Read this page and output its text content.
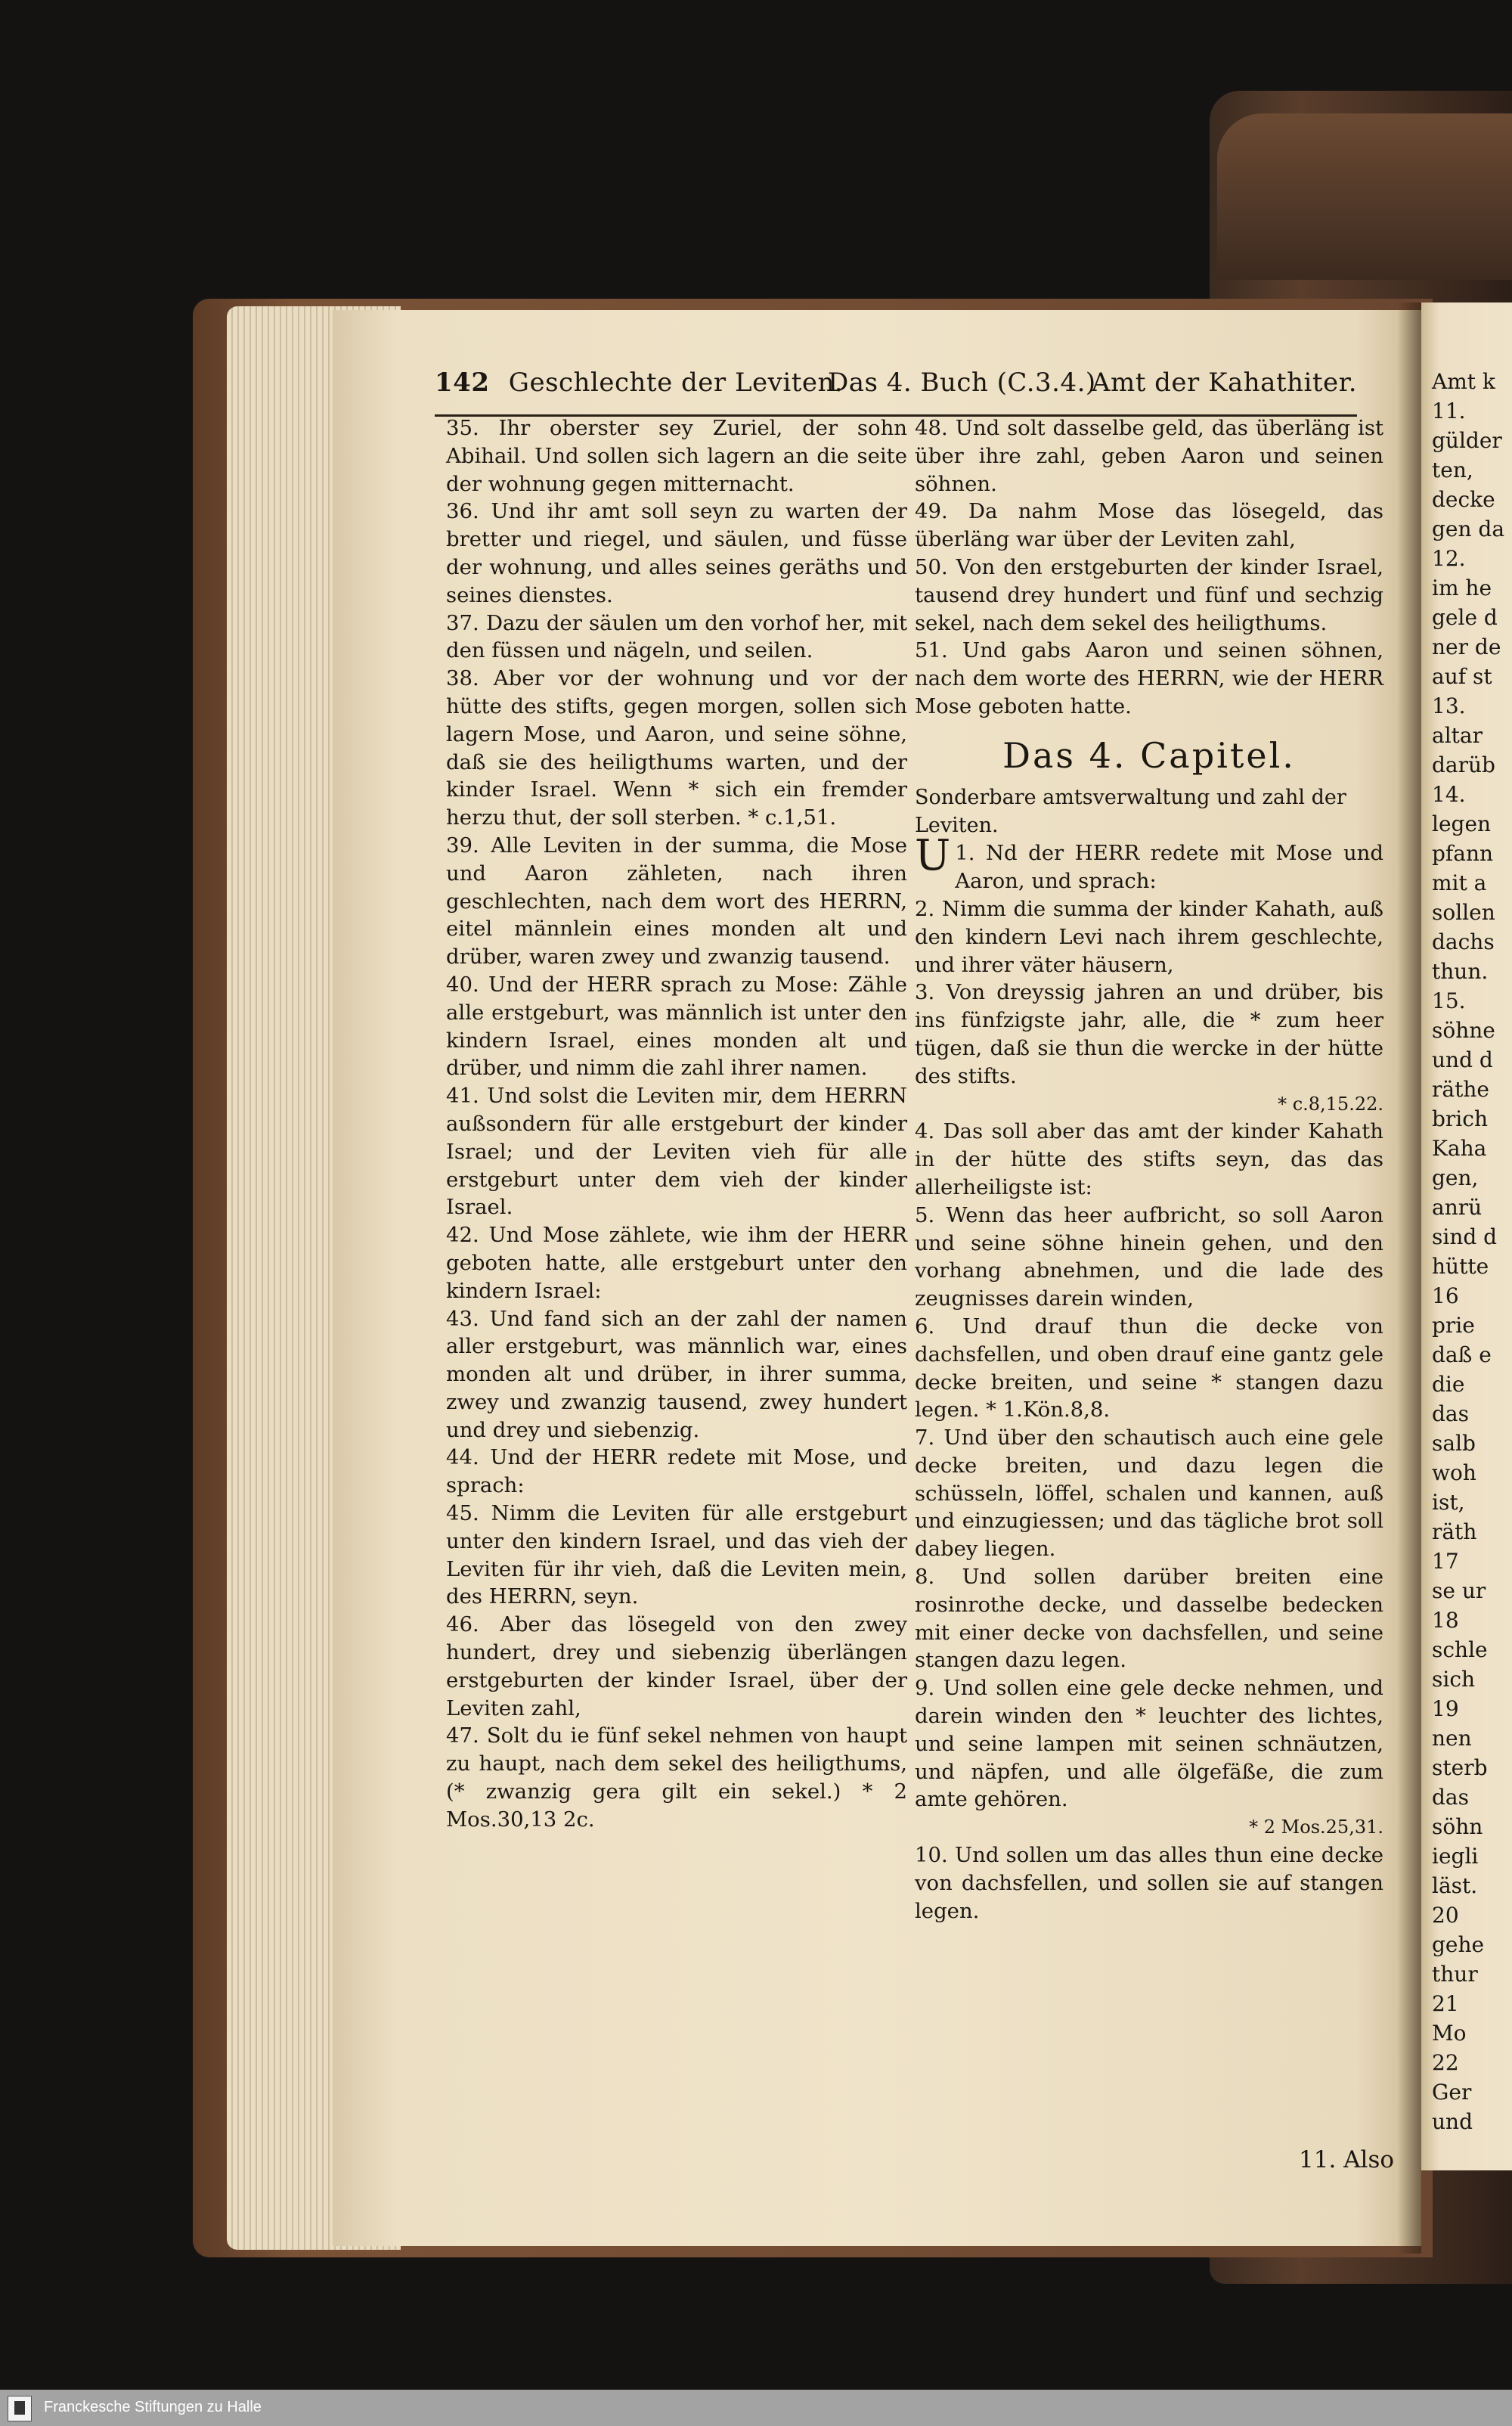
Amt k
11.
gülder
ten,
decke
gen da
12.
im he
gele d
ner de
auf st
13.
altar
darüb
14.
legen
pfann
mit a
sollen
dachs
thun.
15.
söhne
und d
räthe
brich
Kaha
gen,
anrü
sind d
hütte
16
prie
daß e
die
das
salb
woh
ist,
räth
17
se ur
18
schle
sich
19
nen
sterb
das
söhn
iegli
läst.
20
gehe
thur
21
Mo
22
Ger
und
142 Geschlechte der Leviten.
Das 4. Buch (C.3.4.)
Amt der Kahathiter.

35. Ihr oberster sey Zuriel, der sohn Abihail. Und sollen sich lagern an die seite der wohnung gegen mitternacht.

36. Und ihr amt soll seyn zu warten der bretter und riegel, und säulen, und füsse der wohnung, und alles seines geräths und seines dienstes.

37. Dazu der säulen um den vorhof her, mit den füssen und nägeln, und seilen.

38. Aber vor der wohnung und vor der hütte des stifts, gegen morgen, sollen sich lagern Mose, und Aaron, und seine söhne, daß sie des heiligthums warten, und der kinder Israel. Wenn * sich ein fremder herzu thut, der soll sterben. * c.1,51.

39. Alle Leviten in der summa, die Mose und Aaron zähleten, nach ihren geschlechten, nach dem wort des HERRN, eitel männlein eines monden alt und drüber, waren zwey und zwanzig tausend.

40. Und der HERR sprach zu Mose: Zähle alle erstgeburt, was männlich ist unter den kindern Israel, eines monden alt und drüber, und nimm die zahl ihrer namen.

41. Und solst die Leviten mir, dem HERRN außsondern für alle erstgeburt der kinder Israel; und der Leviten vieh für alle erstgeburt unter dem vieh der kinder Israel.

42. Und Mose zählete, wie ihm der HERR geboten hatte, alle erstgeburt unter den kindern Israel:

43. Und fand sich an der zahl der namen aller erstgeburt, was männlich war, eines monden alt und drüber, in ihrer summa, zwey und zwanzig tausend, zwey hundert und drey und siebenzig.

44. Und der HERR redete mit Mose, und sprach:

45. Nimm die Leviten für alle erstgeburt unter den kindern Israel, und das vieh der Leviten für ihr vieh, daß die Leviten mein, des HERRN, seyn.

46. Aber das lösegeld von den zwey hundert, drey und siebenzig überlängen erstgeburten der kinder Israel, über der Leviten zahl,

47. Solt du ie fünf sekel nehmen von haupt zu haupt, nach dem sekel des heiligthums, (* zwanzig gera gilt ein sekel.) * 2 Mos.30,13 2c.

48. Und solt dasselbe geld, das überläng ist über ihre zahl, geben Aaron und seinen söhnen.

49. Da nahm Mose das lösegeld, das überläng war über der Leviten zahl,

50. Von den erstgeburten der kinder Israel, tausend drey hundert und fünf und sechzig sekel, nach dem sekel des heiligthums.

51. Und gabs Aaron und seinen söhnen, nach dem worte des HERRN, wie der HERR Mose geboten hatte.

Das 4. Capitel.

Sonderbare amtsverwaltung und zahl der Leviten.

1.
U Nd der HERR redete mit Mose und Aaron, und sprach:

2. Nimm die summa der kinder Kahath, auß den kindern Levi nach ihrem geschlechte, und ihrer väter häusern,

3. Von dreyssig jahren an und drüber, bis ins fünfzigste jahr, alle, die * zum heer tügen, daß sie thun die wercke in der hütte des stifts.

* c.8,15.22.

4. Das soll aber das amt der kinder Kahath in der hütte des stifts seyn, das das allerheiligste ist:

5. Wenn das heer aufbricht, so soll Aaron und seine söhne hinein gehen, und den vorhang abnehmen, und die lade des zeugnisses darein winden,

6. Und drauf thun die decke von dachsfellen, und oben drauf eine gantz gele decke breiten, und seine * stangen dazu legen. * 1.Kön.8,8.

7. Und über den schautisch auch eine gele decke breiten, und dazu legen die schüsseln, löffel, schalen und kannen, auß und einzugiessen; und das tägliche brot soll dabey liegen.

8. Und sollen darüber breiten eine rosinrothe decke, und dasselbe bedecken mit einer decke von dachsfellen, und seine stangen dazu legen.

9. Und sollen eine gele decke nehmen, und darein winden den * leuchter des lichtes, und seine lampen mit seinen schnäutzen, und näpfen, und alle ölgefäße, die zum amte gehören.

* 2 Mos.25,31.

10. Und sollen um das alles thun eine decke von dachsfellen, und sollen sie auf stangen legen.

11. Also
Franckesche Stiftungen zu Halle
